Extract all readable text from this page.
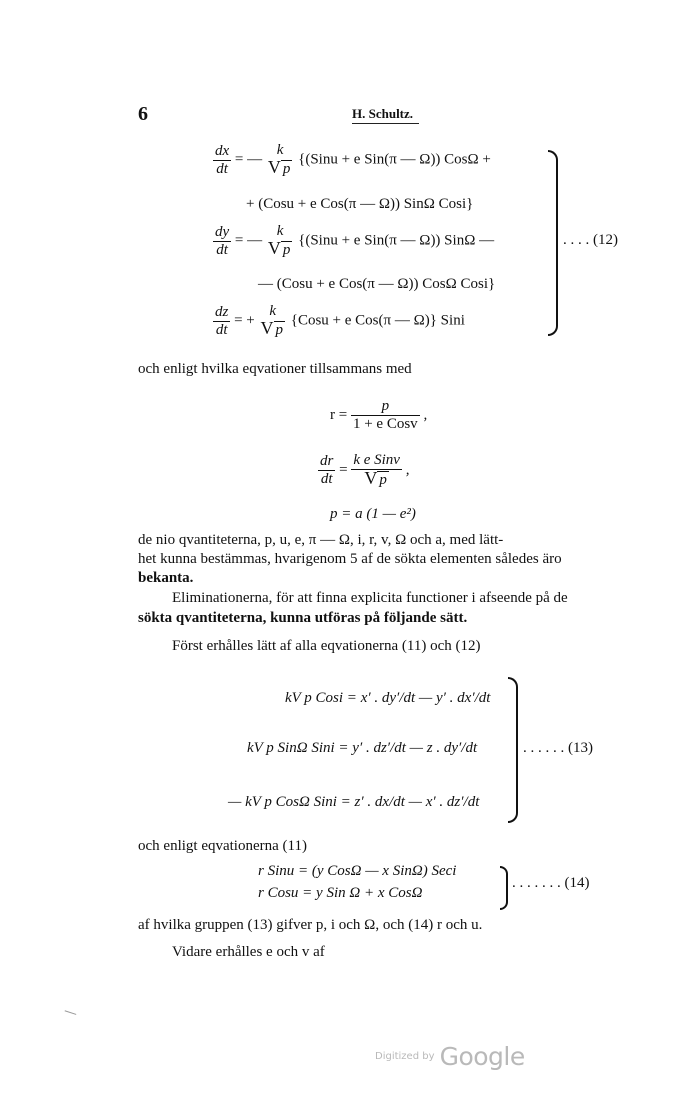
6	H. Schultz.
$\frac{dx}{dt}$ = —
k
V p
{(Sinu + e Sin(π — Ω)) CosΩ +
+ (Cosu + e Cos(π — Ω)) SinΩ Cosi}
$\frac{dy}{dt}$ = —
k
V p
{(Sinu + e Sin(π — Ω)) SinΩ —
— (Cosu + e Cos(π — Ω)) CosΩ Cosi}
$\frac{dz}{dt}$ = +
k
V p
{Cosu + e Cos(π — Ω)} Sini
. . . . (12)
och enligt hvilka eqvationer tillsammans med
r =
p
1 + e Cosv
,
$\frac{dr}{dt}$ =
k e Sinv
V p
,
p = a (1 — e²)
de nio qvantiteterna, p, u, e, π — Ω, i, r, v, Ω och a, med lätt-
het kunna bestämmas, hvarigenom 5 af de sökta elementen således äro
bekanta.
Eliminationerna, för att finna explicita functioner i afseende på de
sökta qvantiteterna, kunna utföras på följande sätt.
Först erhålles lätt af alla eqvationerna (11) och (12)
kV p Cosi = x′ . dy′/dt — y′ . dx′/dt
kV p SinΩ Sini = y′ . dz′/dt — z . dy′/dt
— kV p CosΩ Sini = z′ . dx/dt — x′ . dz′/dt
. . . . . . (13)
och enligt eqvationerna (11)
r Sinu = (y CosΩ — x SinΩ) Seci
r Cosu = y Sin Ω + x CosΩ
. . . . . . . (14)
af hvilka gruppen (13) gifver p, i och Ω, och (14) r och u.
Vidare erhålles e och v af
Digitized by Google
